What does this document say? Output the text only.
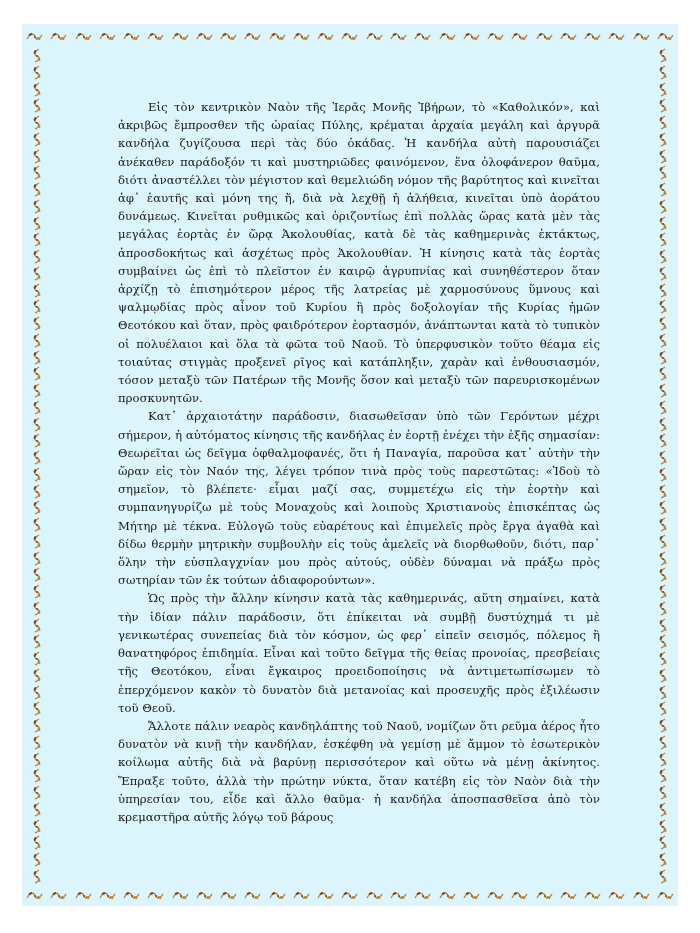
Εἰς τὸν κεντρικὸν Ναὸν τῆς Ἱερᾶς Μονῆς Ἰβήρων, τὸ «Καθολικόν», καὶ ἀκριβῶς ἔμπροσθεν τῆς ὡραίας Πύλης, κρέμαται ἀρχαία μεγάλη καὶ ἀργυρᾶ κανδήλα ζυγίζουσα περὶ τὰς δύο ὀκάδας. Ἡ κανδήλα αὐτὴ παρουσιάζει ἀνέκαθεν παράδοξόν τι καὶ μυστηριῶδες φαινόμενον, ἕνα ὁλοφάνερον θαῦμα, διότι ἀναστέλλει τὸν μέγιστον καὶ θεμελιώδη νόμον τῆς βαρύτητος καὶ κινεῖται ἀφ᾽ ἑαυτῆς καὶ μόνη της ἤ, διὰ νὰ λεχθῇ ἡ ἀλήθεια, κινεῖται ὑπὸ ἀοράτου δυνάμεως. Κινεῖται ρυθμικῶς καὶ ὁριζοντίως ἐπὶ πολλὰς ὥρας κατὰ μὲν τὰς μεγάλας ἑορτὰς ἐν ὥρᾳ Ἀκολουθίας, κατὰ δὲ τὰς καθημερινὰς ἐκτάκτως, ἀπροσδοκήτως καὶ ἀσχέτως πρὸς Ἀκολουθίαν. Ἡ κίνησις κατὰ τὰς ἑορτὰς συμβαίνει ὡς ἐπὶ τὸ πλεῖστον ἐν καιρῷ ἀγρυπνίας καὶ συνηθέστερον ὅταν ἀρχίζῃ τὸ ἐπισημότερον μέρος τῆς λατρείας μὲ χαρμοσύνους ὕμνους καὶ ψαλμῳδίας πρὸς αἶνον τοῦ Κυρίου ἢ πρὸς δοξολογίαν τῆς Κυρίας ἡμῶν Θεοτόκου καὶ ὅταν, πρὸς φαιδρότερον ἑορτασμόν, ἀνάπτωνται κατὰ τὸ τυπικὸν οἱ πολυέλαιοι καὶ ὅλα τὰ φῶτα τοῦ Ναοῦ. Τὸ ὑπερφυσικὸν τοῦτο θέαμα εἰς τοιαύτας στιγμὰς προξενεῖ ρῖγος καὶ κατάπληξιν, χαρὰν καὶ ἐνθουσιασμόν, τόσον μεταξὺ τῶν Πατέρων τῆς Μονῆς ὅσον καὶ μεταξὺ τῶν παρευρισκομένων προσκυνητῶν.

Κατ᾽ ἀρχαιοτάτην παράδοσιν, διασωθεῖσαν ὑπὸ τῶν Γερόντων μέχρι σήμερον, ἡ αὐτόματος κίνησις τῆς κανδήλας ἐν ἑορτῇ ἐνέχει τὴν ἑξῆς σημασίαν: Θεωρεῖται ὡς δεῖγμα ὀφθαλμοφανές, ὅτι ἡ Παναγία, παροῦσα κατ᾽ αὐτὴν τὴν ὥραν εἰς τὸν Ναόν της, λέγει τρόπον τινὰ πρὸς τοὺς παρεστῶτας: «Ἰδοὺ τὸ σημεῖον, τὸ βλέπετε· εἶμαι μαζί σας, συμμετέχω εἰς τὴν ἑορτὴν καὶ συμπανηγυρίζω μὲ τοὺς Μοναχοὺς καὶ λοιποὺς Χριστιανοὺς ἐπισκέπτας ὡς Μήτηρ μὲ τέκνα. Εὐλογῶ τοὺς εὐαρέτους καὶ ἐπιμελεῖς πρὸς ἔργα ἀγαθὰ καὶ δίδω θερμὴν μητρικὴν συμβουλὴν εἰς τοὺς ἀμελεῖς νὰ διορθωθοῦν, διότι, παρ᾽ ὅλην τὴν εὐσπλαγχνίαν μου πρὸς αὐτούς, οὐδὲν δύναμαι νὰ πράξω πρὸς σωτηρίαν τῶν ἐκ τούτων ἀδιαφορούντων».

Ὡς πρὸς τὴν ἄλλην κίνησιν κατὰ τὰς καθημερινάς, αὕτη σημαίνει, κατὰ τὴν ἰδίαν πάλιν παράδοσιν, ὅτι ἐπίκειται νὰ συμβῇ δυστύχημά τι μὲ γενικωτέρας συνεπείας διὰ τὸν κόσμον, ὡς φερ᾽ εἰπεῖν σεισμός, πόλεμος ἢ θανατηφόρος ἐπιδημία. Εἶναι καὶ τοῦτο δεῖγμα τῆς θείας προνοίας, πρεσβείαις τῆς Θεοτόκου, εἶναι ἔγκαιρος προειδοποίησις νὰ ἀντιμετωπίσωμεν τὸ ἐπερχόμενον κακὸν τὸ δυνατὸν διὰ μετανοίας καὶ προσευχῆς πρὸς ἐξιλέωσιν τοῦ Θεοῦ.

Ἄλλοτε πάλιν νεαρὸς κανδηλάπτης τοῦ Ναοῦ, νομίζων ὅτι ρεῦμα ἀέρος ἦτο δυνατὸν νὰ κινῇ τὴν κανδήλαν, ἐσκέφθη νὰ γεμίσῃ μὲ ἄμμον τὸ ἐσωτερικὸν κοίλωμα αὐτῆς διὰ νὰ βαρύνῃ περισσότερον καὶ οὕτω νὰ μένῃ ἀκίνητος. Ἔπραξε τοῦτο, ἀλλὰ τὴν πρώτην νύκτα, ὅταν κατέβη εἰς τὸν Ναὸν διὰ τὴν ὑπηρεσίαν του, εἶδε καὶ ἄλλο θαῦμα· ἡ κανδήλα ἀποσπασθεῖσα ἀπὸ τὸν κρεμαστῆρα αὐτῆς λόγῳ τοῦ βάρους
